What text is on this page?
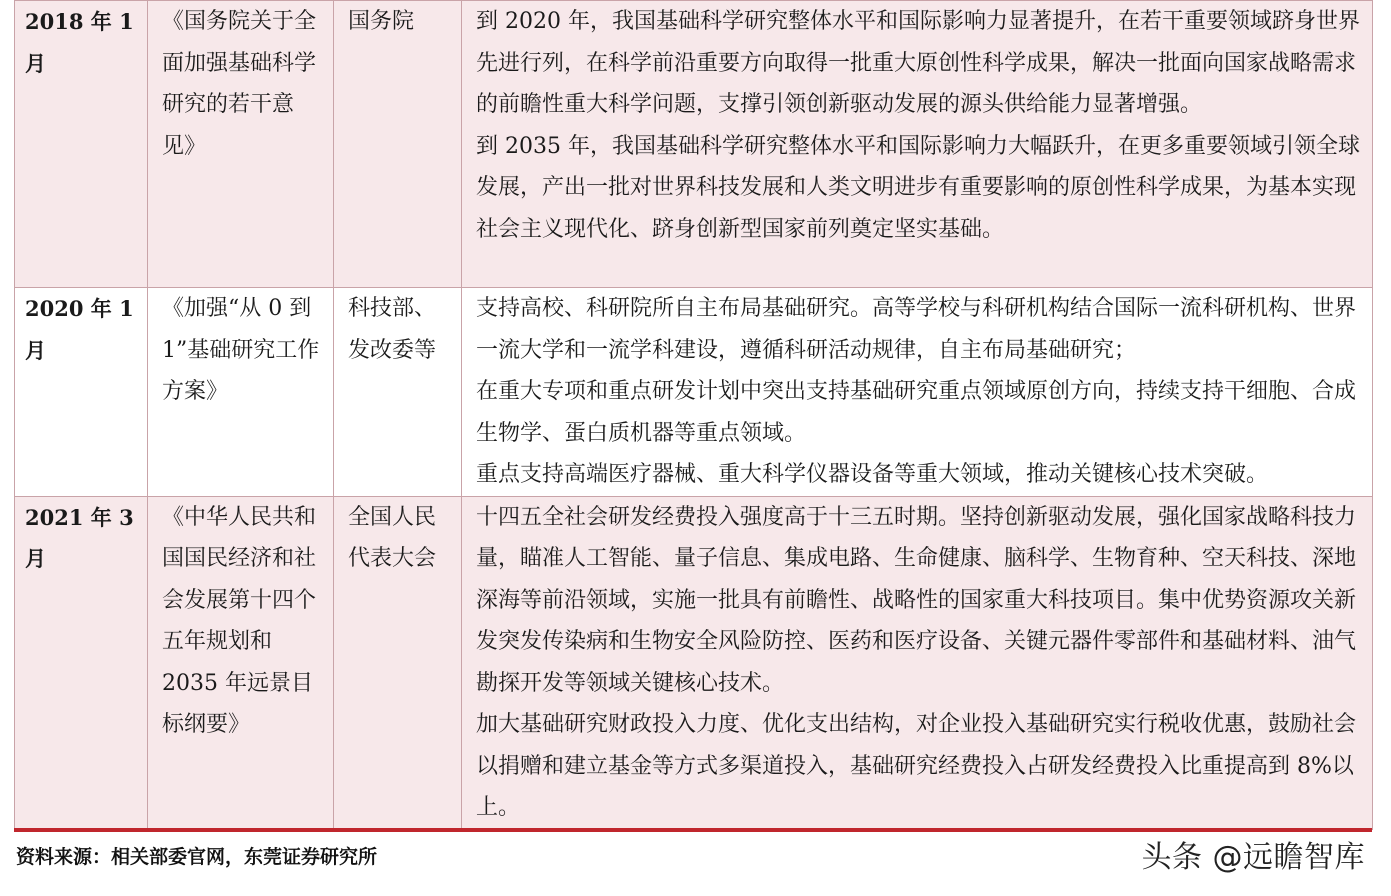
2018 年 1 月	《国务院关于全面加强基础科学研究的若干意见》	国务院	到 2020 年，我国基础科学研究整体水平和国际影响力显著提升，在若干重要领域跻身世界先进行列，在科学前沿重要方向取得一批重大原创性科学成果，解决一批面向国家战略需求的前瞻性重大科学问题，支撑引领创新驱动发展的源头供给能力显著增强。
到 2035 年，我国基础科学研究整体水平和国际影响力大幅跃升，在更多重要领域引领全球发展，产出一批对世界科技发展和人类文明进步有重要影响的原创性科学成果，为基本实现社会主义现代化、跻身创新型国家前列奠定坚实基础。

2020 年 1 月	《加强“从 0 到 1”基础研究工作方案》	科技部、发改委等	支持高校、科研院所自主布局基础研究。高等学校与科研机构结合国际一流科研机构、世界一流大学和一流学科建设，遵循科研活动规律，自主布局基础研究；
在重大专项和重点研发计划中突出支持基础研究重点领域原创方向，持续支持干细胞、合成生物学、蛋白质机器等重点领域。
重点支持高端医疗器械、重大科学仪器设备等重大领域，推动关键核心技术突破。

2021 年 3 月	《中华人民共和国国民经济和社会发展第十四个五年规划和 2035 年远景目标纲要》	全国人民代表大会	十四五全社会研发经费投入强度高于十三五时期。坚持创新驱动发展，强化国家战略科技力量，瞄准人工智能、量子信息、集成电路、生命健康、脑科学、生物育种、空天科技、深地深海等前沿领域，实施一批具有前瞻性、战略性的国家重大科技项目。集中优势资源攻关新发突发传染病和生物安全风险防控、医药和医疗设备、关键元器件零部件和基础材料、油气勘探开发等领域关键核心技术。
加大基础研究财政投入力度、优化支出结构，对企业投入基础研究实行税收优惠，鼓励社会以捐赠和建立基金等方式多渠道投入，基础研究经费投入占研发经费投入比重提高到 8%以上。
资料来源：相关部委官网，东莞证券研究所	头条 @远瞻智库
